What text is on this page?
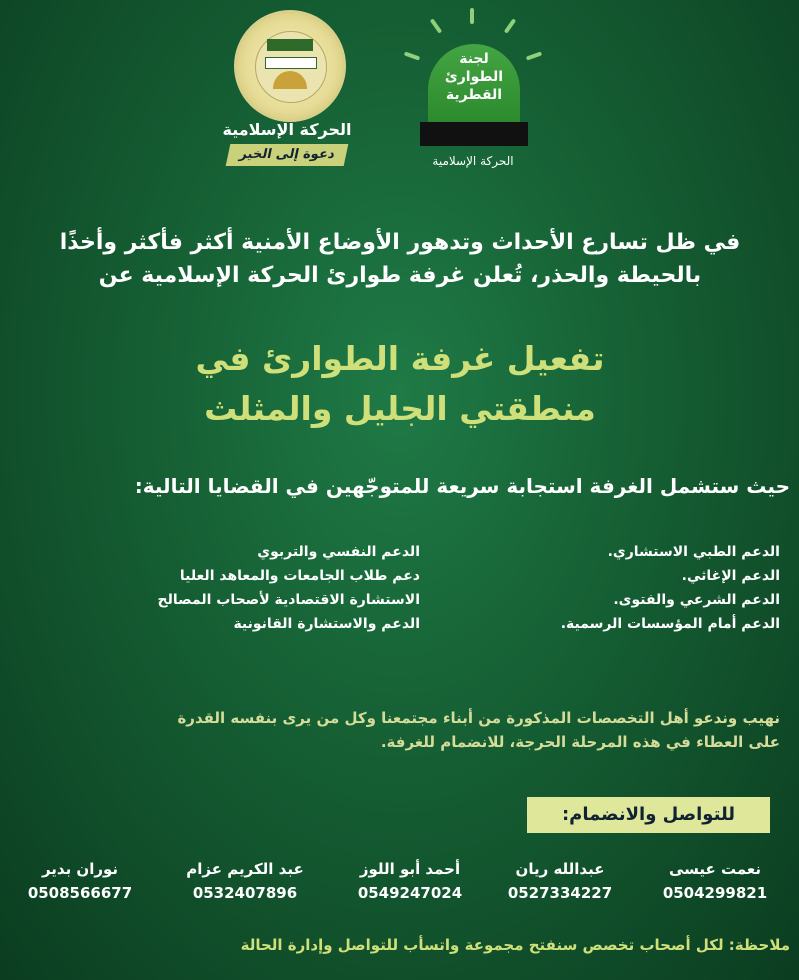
الحركة الإسلامية
دعوة إلى الخير
لجنة الطوارئ القطرية
الحركة الإسلامية
في ظل تسارع الأحداث وتدهور الأوضاع الأمنية أكثر فأكثر وأخذًا بالحيطة والحذر، تُعلن غرفة طوارئ الحركة الإسلامية عن
تفعيل غرفة الطوارئ في
منطقتي الجليل والمثلث
حيث ستشمل الغرفة استجابة سريعة للمتوجّهين في القضايا التالية:
الدعم الطبي الاستشاري.
الدعم الإغاثي.
الدعم الشرعي والفتوى.
الدعم أمام المؤسسات الرسمية.
الدعم النفسي والتربوي
دعم طلاب الجامعات والمعاهد العليا
الاستشارة الاقتصادية لأصحاب المصالح
الدعم والاستشارة القانونية
نهيب وندعو أهل التخصصات المذكورة من أبناء مجتمعنا وكل من يرى بنفسه القدرة
على العطاء في هذه المرحلة الحرجة، للانضمام للغرفة.
للتواصل والانضمام:
نعمت عيسى
0504299821
عبدالله ريان
0527334227
أحمد أبو اللوز
0549247024
عبد الكريم عزام
0532407896
نوران بدير
0508566677
ملاحظة: لكل أصحاب تخصص سنفتح مجموعة واتسأب للتواصل وإدارة الحالة
